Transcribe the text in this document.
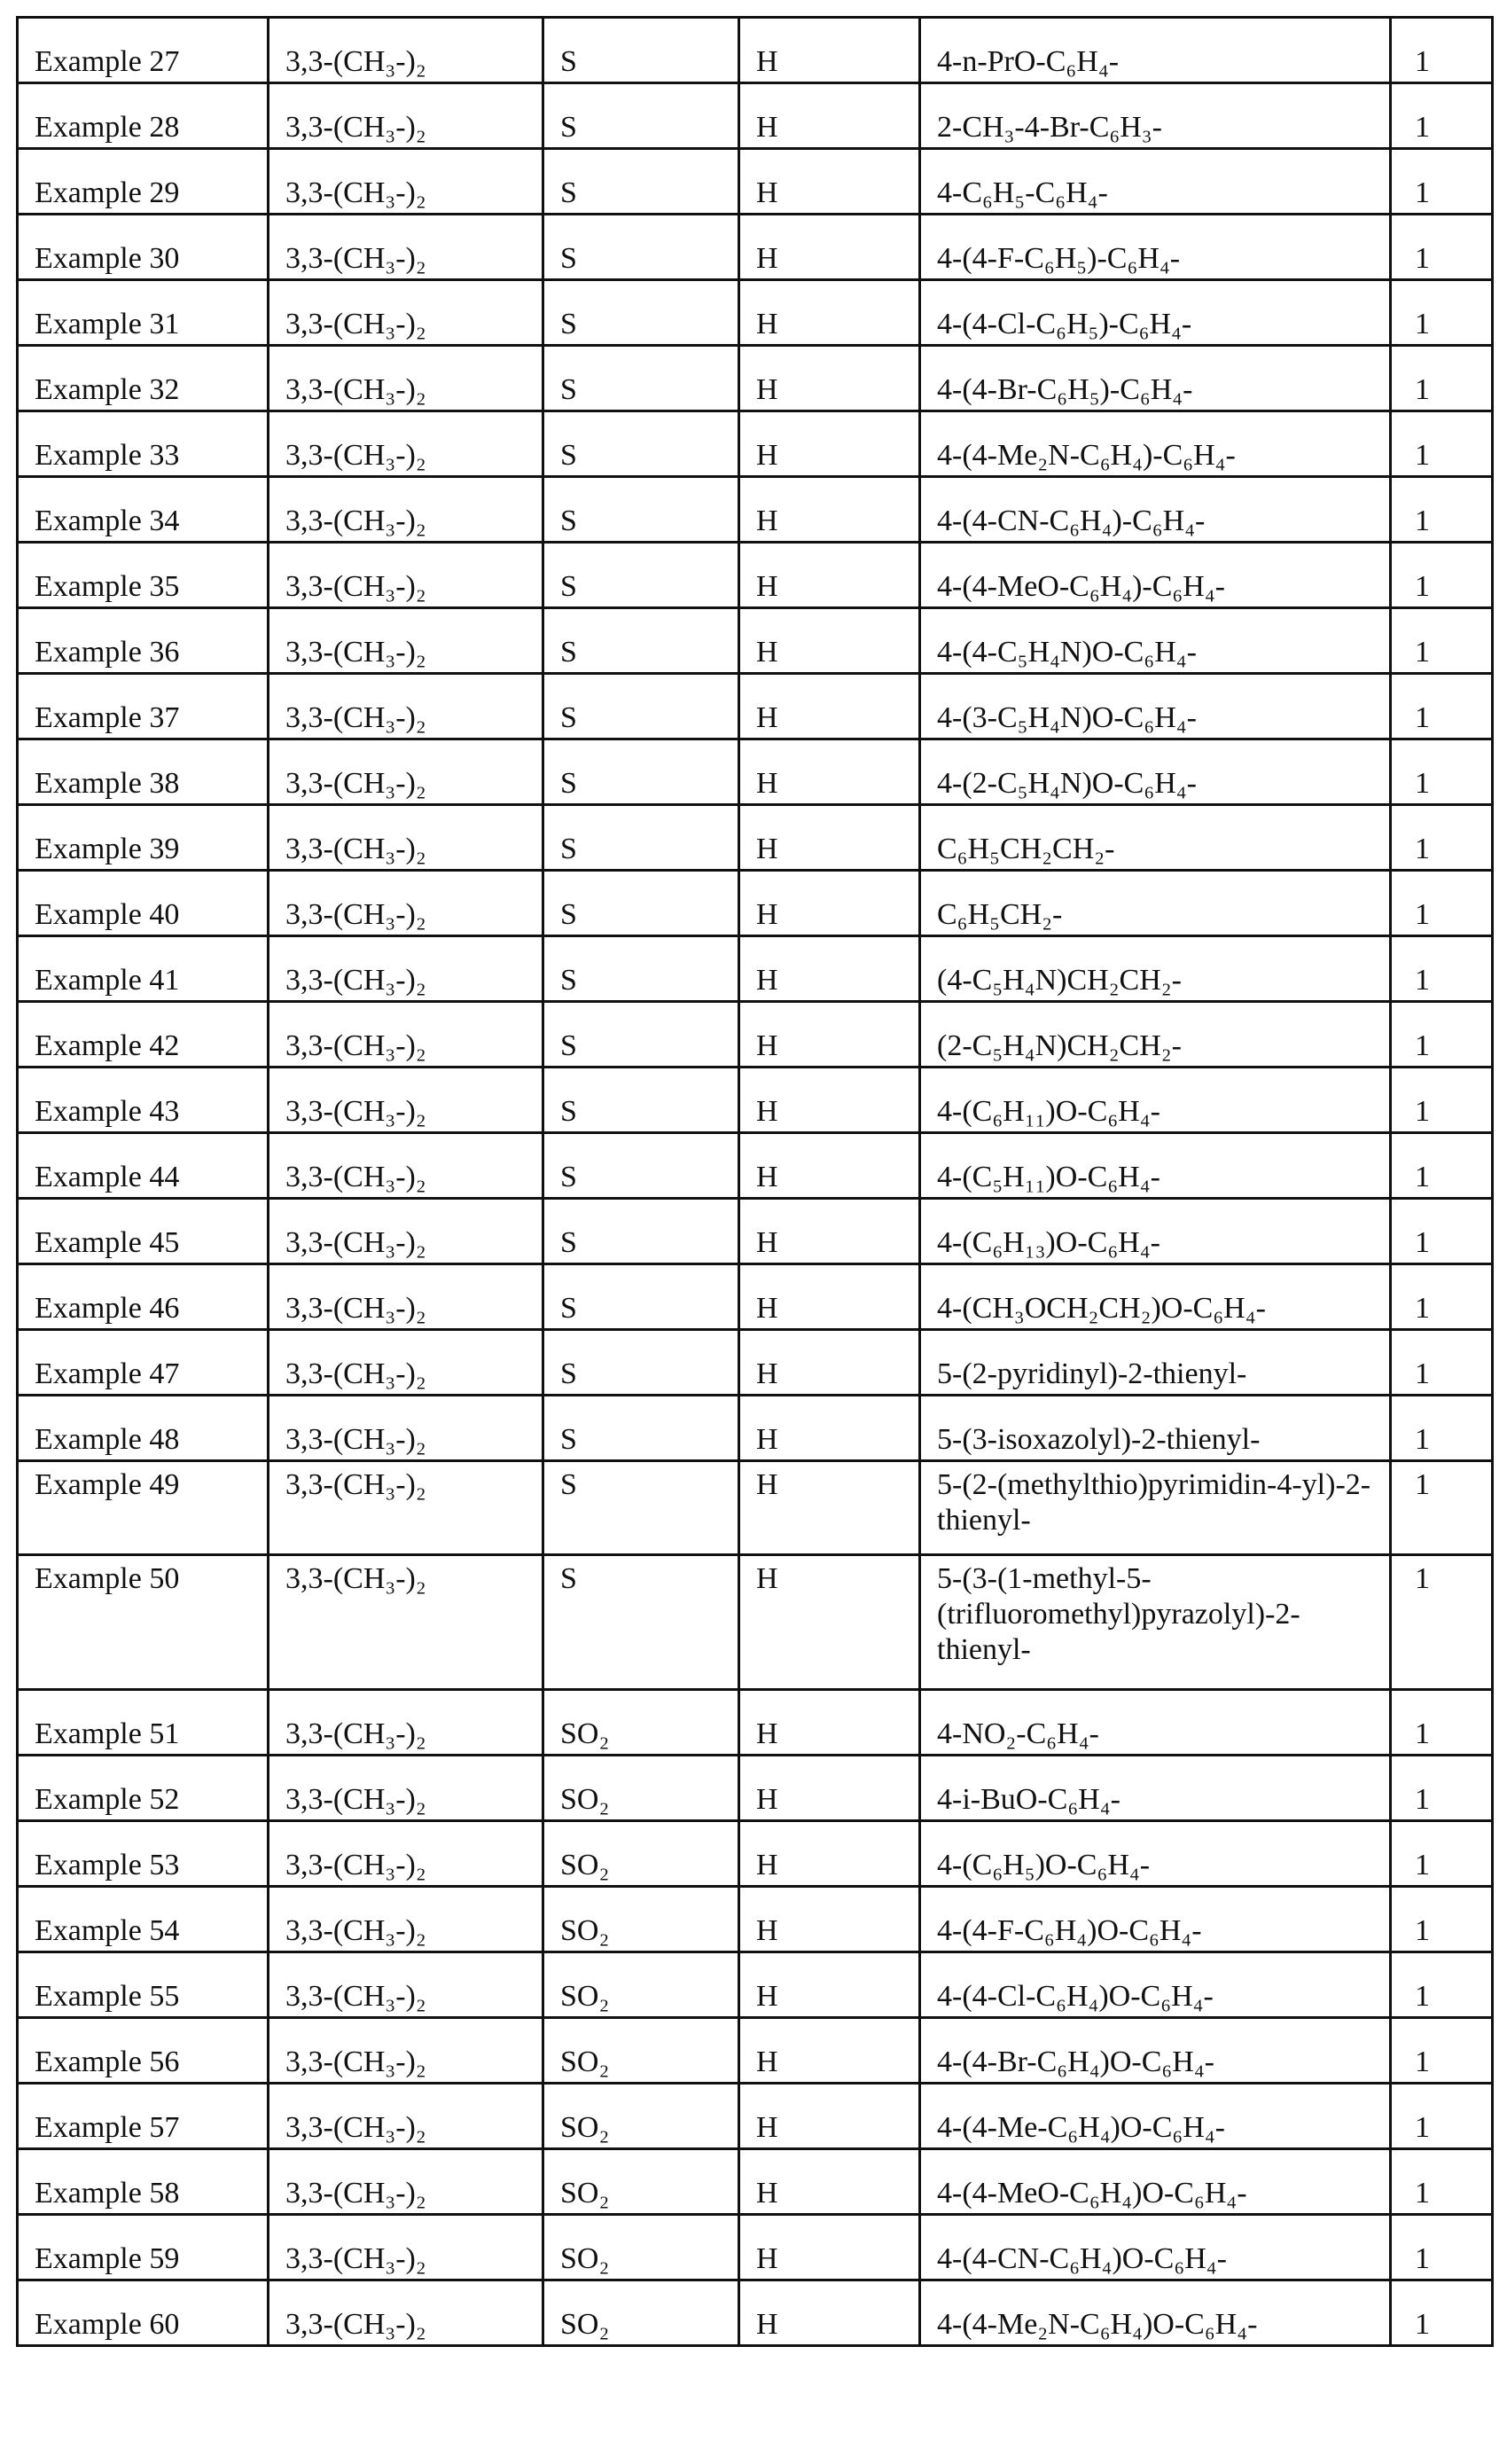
Example 27	3,3-(CH₃-)₂	S	H	4-n-PrO-C₆H₄-	1
Example 28	3,3-(CH₃-)₂	S	H	2-CH₃-4-Br-C₆H₃-	1
Example 29	3,3-(CH₃-)₂	S	H	4-C₆H₅-C₆H₄-	1
Example 30	3,3-(CH₃-)₂	S	H	4-(4-F-C₆H₅)-C₆H₄-	1
Example 31	3,3-(CH₃-)₂	S	H	4-(4-Cl-C₆H₅)-C₆H₄-	1
Example 32	3,3-(CH₃-)₂	S	H	4-(4-Br-C₆H₅)-C₆H₄-	1
Example 33	3,3-(CH₃-)₂	S	H	4-(4-Me₂N-C₆H₄)-C₆H₄-	1
Example 34	3,3-(CH₃-)₂	S	H	4-(4-CN-C₆H₄)-C₆H₄-	1
Example 35	3,3-(CH₃-)₂	S	H	4-(4-MeO-C₆H₄)-C₆H₄-	1
Example 36	3,3-(CH₃-)₂	S	H	4-(4-C₅H₄N)O-C₆H₄-	1
Example 37	3,3-(CH₃-)₂	S	H	4-(3-C₅H₄N)O-C₆H₄-	1
Example 38	3,3-(CH₃-)₂	S	H	4-(2-C₅H₄N)O-C₆H₄-	1
Example 39	3,3-(CH₃-)₂	S	H	C₆H₅CH₂CH₂-	1
Example 40	3,3-(CH₃-)₂	S	H	C₆H₅CH₂-	1
Example 41	3,3-(CH₃-)₂	S	H	(4-C₅H₄N)CH₂CH₂-	1
Example 42	3,3-(CH₃-)₂	S	H	(2-C₅H₄N)CH₂CH₂-	1
Example 43	3,3-(CH₃-)₂	S	H	4-(C₆H₁₁)O-C₆H₄-	1
Example 44	3,3-(CH₃-)₂	S	H	4-(C₅H₁₁)O-C₆H₄-	1
Example 45	3,3-(CH₃-)₂	S	H	4-(C₆H₁₃)O-C₆H₄-	1
Example 46	3,3-(CH₃-)₂	S	H	4-(CH₃OCH₂CH₂)O-C₆H₄-	1
Example 47	3,3-(CH₃-)₂	S	H	5-(2-pyridinyl)-2-thienyl-	1
Example 48	3,3-(CH₃-)₂	S	H	5-(3-isoxazolyl)-2-thienyl-	1
Example 49	3,3-(CH₃-)₂	S	H	5-(2-(methylthio)pyrimidin-4-yl)-2-thienyl-	1
Example 50	3,3-(CH₃-)₂	S	H	5-(3-(1-methyl-5-(trifluoromethyl)pyrazolyl)-2-thienyl-	1
Example 51	3,3-(CH₃-)₂	SO₂	H	4-NO₂-C₆H₄-	1
Example 52	3,3-(CH₃-)₂	SO₂	H	4-i-BuO-C₆H₄-	1
Example 53	3,3-(CH₃-)₂	SO₂	H	4-(C₆H₅)O-C₆H₄-	1
Example 54	3,3-(CH₃-)₂	SO₂	H	4-(4-F-C₆H₄)O-C₆H₄-	1
Example 55	3,3-(CH₃-)₂	SO₂	H	4-(4-Cl-C₆H₄)O-C₆H₄-	1
Example 56	3,3-(CH₃-)₂	SO₂	H	4-(4-Br-C₆H₄)O-C₆H₄-	1
Example 57	3,3-(CH₃-)₂	SO₂	H	4-(4-Me-C₆H₄)O-C₆H₄-	1
Example 58	3,3-(CH₃-)₂	SO₂	H	4-(4-MeO-C₆H₄)O-C₆H₄-	1
Example 59	3,3-(CH₃-)₂	SO₂	H	4-(4-CN-C₆H₄)O-C₆H₄-	1
Example 60	3,3-(CH₃-)₂	SO₂	H	4-(4-Me₂N-C₆H₄)O-C₆H₄-	1
